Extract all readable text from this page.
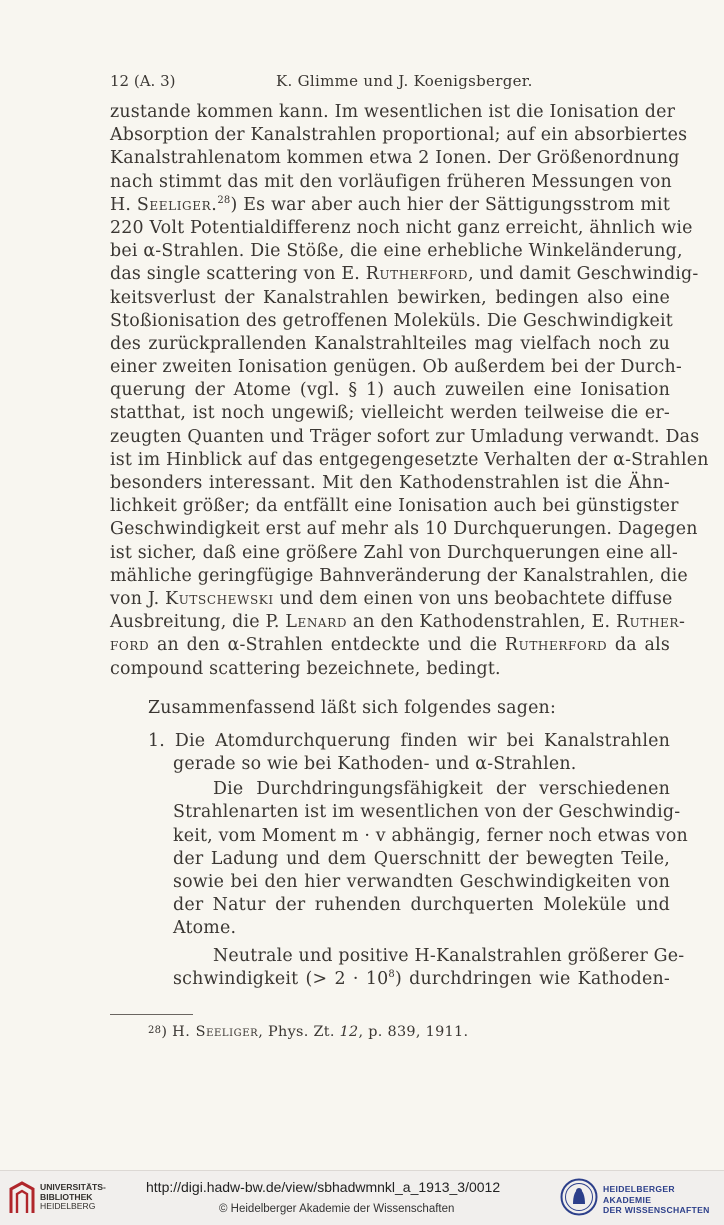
12 (A. 3)	K. Glimme und J. Koenigsberger.
zustande kommen kann. Im wesentlichen ist die Ionisation der
Absorption der Kanalstrahlen proportional; auf ein absorbiertes
Kanalstrahlenatom kommen etwa 2 Ionen. Der Größenordnung
nach stimmt das mit den vorläufigen früheren Messungen von
H. Seeliger.$^{28}$) Es war aber auch hier der Sättigungsstrom mit
220 Volt Potentialdifferenz noch nicht ganz erreicht, ähnlich wie
bei α-Strahlen. Die Stöße, die eine erhebliche Winkeländerung,
das single scattering von E. Rutherford, und damit Geschwindig-
keitsverlust der Kanalstrahlen bewirken, bedingen also eine
Stoßionisation des getroffenen Moleküls. Die Geschwindigkeit
des zurückprallenden Kanalstrahlteiles mag vielfach noch zu
einer zweiten Ionisation genügen. Ob außerdem bei der Durch-
querung der Atome (vgl. § 1) auch zuweilen eine Ionisation
statthat, ist noch ungewiß; vielleicht werden teilweise die er-
zeugten Quanten und Träger sofort zur Umladung verwandt. Das
ist im Hinblick auf das entgegengesetzte Verhalten der α-Strahlen
besonders interessant. Mit den Kathodenstrahlen ist die Ähn-
lichkeit größer; da entfällt eine Ionisation auch bei günstigster
Geschwindigkeit erst auf mehr als 10 Durchquerungen. Dagegen
ist sicher, daß eine größere Zahl von Durchquerungen eine all-
mähliche geringfügige Bahnveränderung der Kanalstrahlen, die
von J. Kutschewski und dem einen von uns beobachtete diffuse
Ausbreitung, die P. Lenard an den Kathodenstrahlen, E. Ruther-
ford an den α-Strahlen entdeckte und die Rutherford da als
compound scattering bezeichnete, bedingt.
Zusammenfassend läßt sich folgendes sagen:
1. Die Atomdurchquerung finden wir bei Kanalstrahlen
gerade so wie bei Kathoden- und α-Strahlen.
Die Durchdringungsfähigkeit der verschiedenen
Strahlenarten ist im wesentlichen von der Geschwindig-
keit, vom Moment m · v abhängig, ferner noch etwas von
der Ladung und dem Querschnitt der bewegten Teile,
sowie bei den hier verwandten Geschwindigkeiten von
der Natur der ruhenden durchquerten Moleküle und
Atome.
Neutrale und positive H-Kanalstrahlen größerer Ge-
schwindigkeit (> $2 \cdot 10^8$) durchdringen wie Kathoden-
$^{28}$) H. Seeliger, Phys. Zt. 12, p. 839, 1911.
UNIVERSITÄTS-
BIBLIOTHEK
HEIDELBERG
http://digi.hadw-bw.de/view/sbhadwmnkl_a_1913_3/0012
© Heidelberger Akademie der Wissenschaften
HEIDELBERGER AKADEMIE
DER WISSENSCHAFTEN
